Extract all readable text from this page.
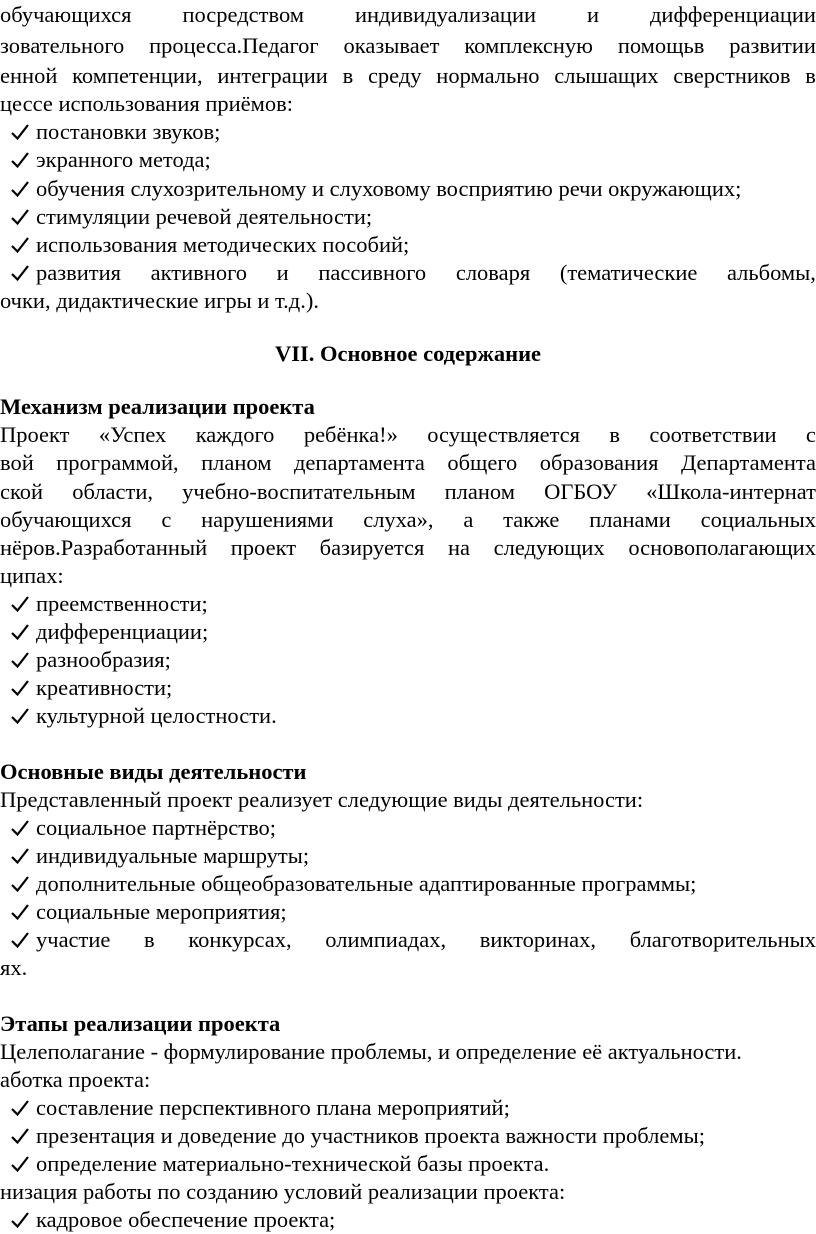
обучающихся посредством индивидуализации и дифференциации
зовательного процесса.Педагог оказывает комплексную помощьв развитии
енной компетенции, интеграции в среду нормально слышащих сверстников в
цессе использования приёмов:
постановки звуков;
экранного метода;
обучения слухозрительному и слуховому восприятию речи окружающих;
стимуляции речевой деятельности;
использования методических пособий;
развития активного и пассивного словаря (тематические альбомы,
очки, дидактические игры и т.д.).
VII. Основное содержание
Механизм реализации проекта
Проект «Успех каждого ребёнка!» осуществляется в соответствии с
вой программой, планом департамента общего образования Департамента
ской области, учебно-воспитательным планом ОГБОУ «Школа-интернат
обучающихся с нарушениями слуха», а также планами социальных
нёров.Разработанный проект базируется на следующих основополагающих
ципах:
преемственности;
дифференциации;
разнообразия;
креативности;
культурной целостности.
Основные виды деятельности
Представленный проект реализует следующие виды деятельности:
социальное партнёрство;
индивидуальные маршруты;
дополнительные общеобразовательные адаптированные программы;
социальные мероприятия;
участие в конкурсах, олимпиадах, викторинах, благотворительных
ях.
Этапы реализации проекта
Целеполагание - формулирование проблемы, и определение её актуальности.
аботка проекта:
составление перспективного плана мероприятий;
презентация и доведение до участников проекта важности проблемы;
определение материально-технической базы проекта.
низация работы по созданию условий реализации проекта:
кадровое обеспечение проекта;
